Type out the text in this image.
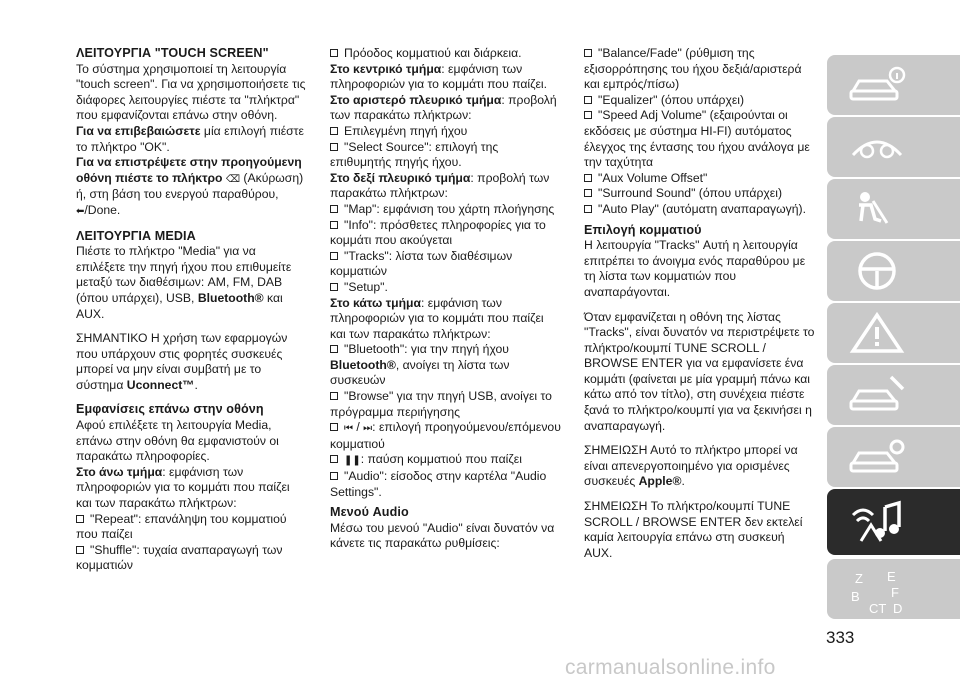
ΛΕΙΤΟΥΡΓΙΑ "TOUCH SCREEN"
Το σύστημα χρησιμοποιεί τη λειτουργία "touch screen". Για να χρησιμοποιήσετε τις διάφορες λειτουργίες πιέστε τα "πλήκτρα" που εμφανίζονται επάνω στην οθόνη.
Για να επιβεβαιώσετε μία επιλογή πιέστε το πλήκτρο "OK".
Για να επιστρέψετε στην προηγούμενη οθόνη πιέστε το πλήκτρο ⌫ (Ακύρωση) ή, στη βάση του ενεργού παραθύρου, ⬅/Done.
ΛΕΙΤΟΥΡΓΙΑ MEDIA
Πιέστε το πλήκτρο "Media" για να επιλέξετε την πηγή ήχου που επιθυμείτε μεταξύ των διαθέσιμων: AM, FM, DAB (όπου υπάρχει), USB, Bluetooth® και AUX.
ΣΗΜΑΝΤΙΚΟ Η χρήση των εφαρμογών που υπάρχουν στις φορητές συσκευές μπορεί να μην είναι συμβατή με το σύστημα Uconnect™.
Εμφανίσεις επάνω στην οθόνη
Αφού επιλέξετε τη λειτουργία Media, επάνω στην οθόνη θα εμφανιστούν οι παρακάτω πληροφορίες.
Στο άνω τμήμα: εμφάνιση των πληροφοριών για το κομμάτι που παίζει και των παρακάτω πλήκτρων:
"Repeat": επανάληψη του κομματιού που παίζει
"Shuffle": τυχαία αναπαραγωγή των κομματιών
Πρόοδος κομματιού και διάρκεια.
Στο κεντρικό τμήμα: εμφάνιση των πληροφοριών για το κομμάτι που παίζει.
Στο αριστερό πλευρικό τμήμα: προβολή των παρακάτω πλήκτρων:
Επιλεγμένη πηγή ήχου
"Select Source": επιλογή της επιθυμητής πηγής ήχου.
Στο δεξί πλευρικό τμήμα: προβολή των παρακάτω πλήκτρων:
"Map": εμφάνιση του χάρτη πλοήγησης
"Info": πρόσθετες πληροφορίες για το κομμάτι που ακούγεται
"Tracks": λίστα των διαθέσιμων κομματιών
"Setup".
Στο κάτω τμήμα: εμφάνιση των πληροφοριών για το κομμάτι που παίζει και των παρακάτω πλήκτρων:
"Bluetooth": για την πηγή ήχου Bluetooth®, ανοίγει τη λίστα των συσκευών
"Browse" για την πηγή USB, ανοίγει το πρόγραμμα περιήγησης
⏮ / ⏭: επιλογή προηγούμενου/επόμενου κομματιού
❚❚: παύση κομματιού που παίζει
"Audio": είσοδος στην καρτέλα "Audio Settings".
Μενού Audio
Μέσω του μενού "Audio" είναι δυνατόν να κάνετε τις παρακάτω ρυθμίσεις:
"Balance/Fade" (ρύθμιση της εξισορρόπησης του ήχου δεξιά/αριστερά και εμπρός/πίσω)
"Equalizer" (όπου υπάρχει)
"Speed Adj Volume" (εξαιρούνται οι εκδόσεις με σύστημα HI-FI) αυτόματος έλεγχος της έντασης του ήχου ανάλογα με την ταχύτητα
"Aux Volume Offset"
"Surround Sound" (όπου υπάρχει)
"Auto Play" (αυτόματη αναπαραγωγή).
Επιλογή κομματιού
Η λειτουργία "Tracks" Αυτή η λειτουργία επιτρέπει το άνοιγμα ενός παραθύρου με τη λίστα των κομματιών που αναπαράγονται.
Όταν εμφανίζεται η οθόνη της λίστας "Tracks", είναι δυνατόν να περιστρέψετε το πλήκτρο/κουμπί TUNE SCROLL / BROWSE ENTER για να εμφανίσετε ένα κομμάτι (φαίνεται με μία γραμμή πάνω και κάτω από τον τίτλο), στη συνέχεια πιέστε ξανά το πλήκτρο/κουμπί για να ξεκινήσει η αναπαραγωγή.
ΣΗΜΕΙΩΣΗ Αυτό το πλήκτρο μπορεί να είναι απενεργοποιημένο για ορισμένες συσκευές Apple®.
ΣΗΜΕΙΩΣΗ Το πλήκτρο/κουμπί TUNE SCROLL / BROWSE ENTER δεν εκτελεί καμία λειτουργία επάνω στη συσκευή AUX.
Z E
B F
CT D
333
carmanualsonline.info
